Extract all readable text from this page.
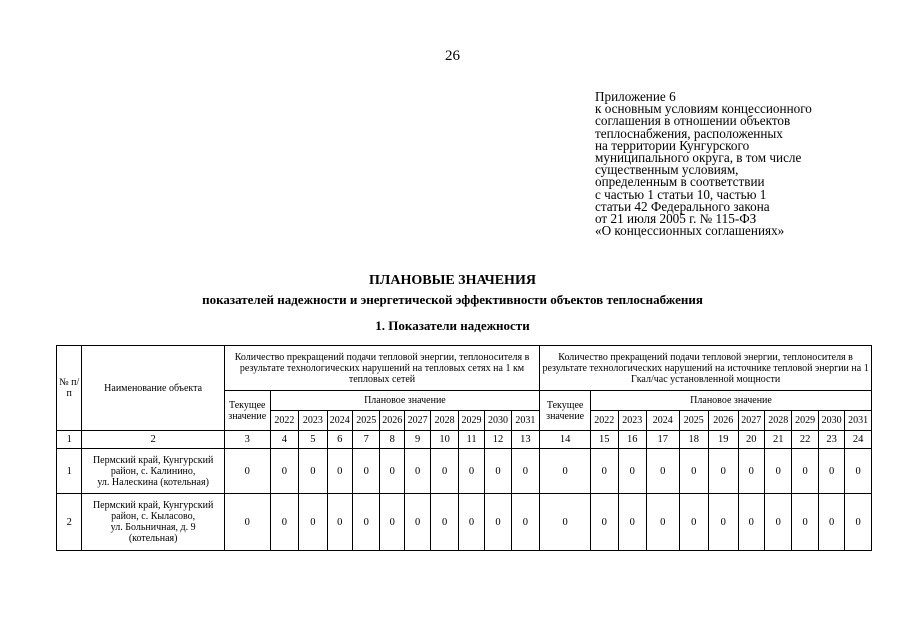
26
Приложение 6
к основным условиям концессионного
соглашения в отношении объектов
теплоснабжения, расположенных
на территории Кунгурского
муниципального округа, в том числе
существенным условиям,
определенным в соответствии
с частью 1 статьи 10, частью 1
статьи 42 Федерального закона
от 21 июля 2005 г. № 115-ФЗ
«О концессионных соглашениях»
ПЛАНОВЫЕ ЗНАЧЕНИЯ
показателей надежности и энергетической эффективности объектов теплоснабжения
1. Показатели надежности
№ п/п	Наименование объекта	Количество прекращений подачи тепловой энергии, теплоносителя в результате технологических нарушений на тепловых сетях на 1 км тепловых сетей											Количество прекращений подачи тепловой энергии, теплоносителя в результате технологических нарушений на источнике тепловой энергии на 1 Гкал/час установленной мощности										
		Текущее значение	Плановое значение										Текущее значение	Плановое значение									
			2022	2023	2024	2025	2026	2027	2028	2029	2030	2031		2022	2023	2024	2025	2026	2027	2028	2029	2030	2031
1	2	3	4	5	6	7	8	9	10	11	12	13	14	15	16	17	18	19	20	21	22	23	24
1	Пермский край, Кунгурский
район, с. Калинино,
ул. Налескина (котельная)	0	0	0	0	0	0	0	0	0	0	0	0	0	0	0	0	0	0	0	0	0	0
2	Пермский край, Кунгурский
район, с. Кыласово,
ул. Больничная, д. 9
(котельная)	0	0	0	0	0	0	0	0	0	0	0	0	0	0	0	0	0	0	0	0	0	0
